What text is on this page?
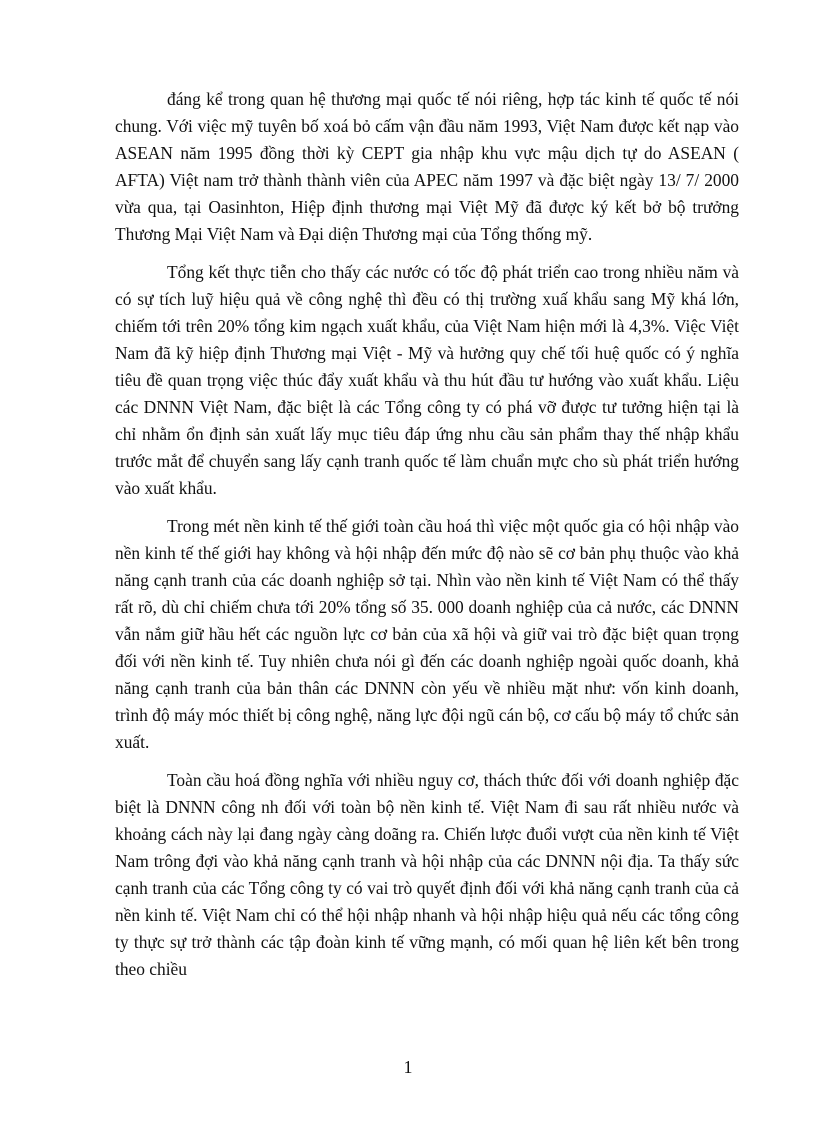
đáng kể trong quan hệ thương mại quốc tế nói riêng, hợp tác kinh tế quốc tế nói chung. Với việc mỹ tuyên bố xoá bỏ cấm vận đầu năm 1993, Việt Nam được kết nạp vào ASEAN năm 1995 đồng thời kỳ CEPT gia nhập khu vực mậu dịch tự do ASEAN ( AFTA) Việt nam trở thành thành viên của APEC năm 1997 và đặc biệt ngày 13/ 7/ 2000 vừa qua, tại Oasinhton, Hiệp định thương mại Việt Mỹ đã được ký kết bở bộ trưởng Thương Mại Việt Nam và Đại diện Thương mại của Tổng thống mỹ.

Tổng kết thực tiễn cho thấy các nước có tốc độ phát triển cao trong nhiều năm và có sự tích luỹ hiệu quả về công nghệ thì đều có thị trường xuấ khẩu sang Mỹ khá lớn, chiếm tới trên 20% tổng kim ngạch xuất khẩu, của Việt Nam hiện mới là 4,3%. Việc Việt Nam đã kỹ hiệp định Thương mại Việt - Mỹ và hưởng quy chế tối huệ quốc có ý nghĩa tiêu đề quan trọng việc thúc đẩy xuất khẩu và thu hút đầu tư hướng vào xuất khẩu. Liệu các DNNN Việt Nam, đặc biệt là các Tổng công ty có phá vỡ được tư tưởng hiện tại là chỉ nhằm ổn định sản xuất lấy mục tiêu đáp ứng nhu cầu sản phẩm thay thế nhập khẩu trước mắt để chuyển sang lấy cạnh tranh quốc tế làm chuẩn mực cho sù phát triển hướng vào xuất khẩu.

Trong mét nền kinh tế thế giới toàn cầu hoá thì việc một quốc gia có hội nhập vào nền kinh tế thế giới hay không và hội nhập đến mức độ nào sẽ cơ bản phụ thuộc vào khả năng cạnh tranh của các doanh nghiệp sở tại. Nhìn vào nền kinh tế Việt Nam có thể thấy rất rõ, dù chỉ chiếm chưa tới 20% tổng số 35. 000 doanh nghiệp của cả nước, các DNNN vẫn nắm giữ hầu hết các nguồn lực cơ bản của xã hội và giữ vai trò đặc biệt quan trọng đối với nền kinh tế. Tuy nhiên chưa nói gì đến các doanh nghiệp ngoài quốc doanh, khả năng cạnh tranh của bản thân các DNNN còn yếu về nhiều mặt như: vốn kinh doanh, trình độ máy móc thiết bị công nghệ, năng lực đội ngũ cán bộ, cơ cấu bộ máy tổ chức sản xuất.

Toàn cầu hoá đồng nghĩa với nhiều nguy cơ, thách thức đối với doanh nghiệp đặc biệt là DNNN công nh đối với toàn bộ nền kinh tế. Việt Nam đi sau rất nhiều nước và khoảng cách này lại đang ngày càng doãng ra. Chiến lược đuổi vượt của nền kinh tế Việt Nam trông đợi vào khả năng cạnh tranh và hội nhập của các DNNN nội địa. Ta thấy sức cạnh tranh của các Tổng công ty có vai trò quyết định đối với khả năng cạnh tranh của cả nền kinh tế. Việt Nam chỉ có thể hội nhập nhanh và hội nhập hiệu quả nếu các tổng công ty thực sự trở thành các tập đoàn kinh tế vững mạnh, có mối quan hệ liên kết bên trong theo chiều

1
